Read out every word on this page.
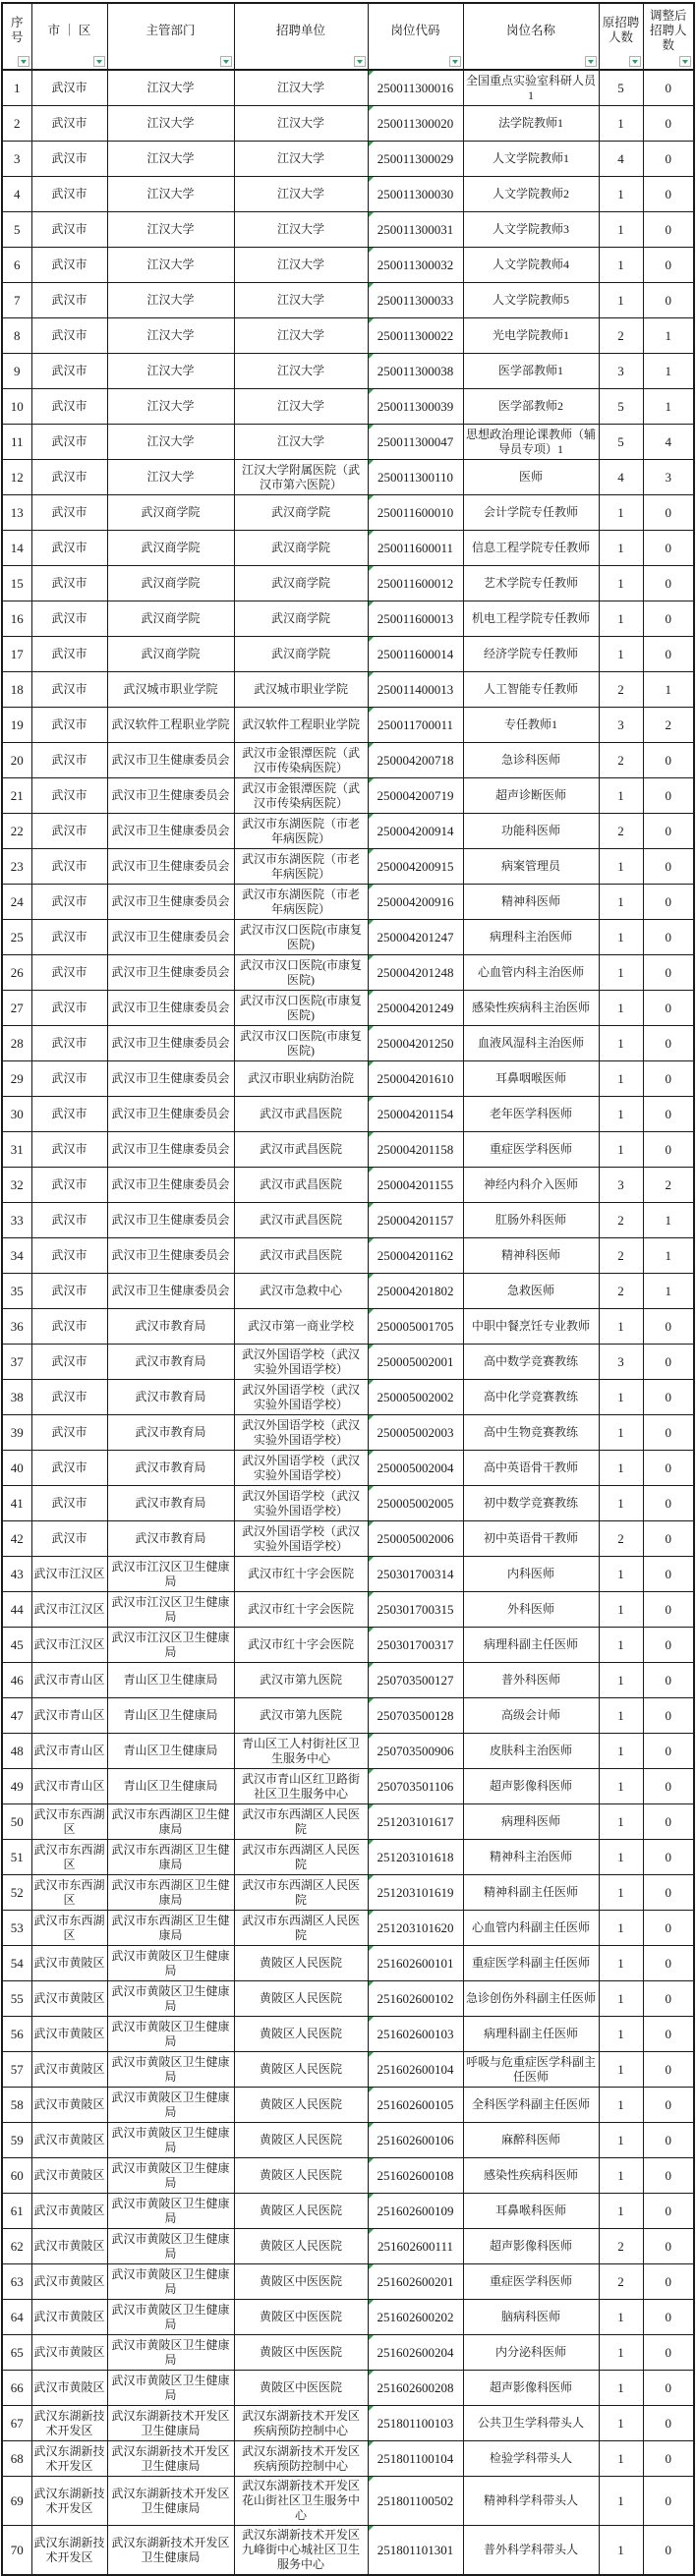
序号	市 ｜ 区	主管部门	招聘单位	岗位代码	岗位名称	原招聘人数	调整后招聘人数

1	武汉市	江汉大学	江汉大学	250011300016	全国重点实验室科研人员1	5	0
2	武汉市	江汉大学	江汉大学	250011300020	法学院教师1	1	0
3	武汉市	江汉大学	江汉大学	250011300029	人文学院教师1	4	0
4	武汉市	江汉大学	江汉大学	250011300030	人文学院教师2	1	0
5	武汉市	江汉大学	江汉大学	250011300031	人文学院教师3	1	0
6	武汉市	江汉大学	江汉大学	250011300032	人文学院教师4	1	0
7	武汉市	江汉大学	江汉大学	250011300033	人文学院教师5	1	0
8	武汉市	江汉大学	江汉大学	250011300022	光电学院教师1	2	1
9	武汉市	江汉大学	江汉大学	250011300038	医学部教师1	3	1
10	武汉市	江汉大学	江汉大学	250011300039	医学部教师2	5	1
11	武汉市	江汉大学	江汉大学	250011300047	思想政治理论课教师（辅导员专项）1	5	4
12	武汉市	江汉大学	江汉大学附属医院（武汉市第六医院）	250011300110	医师	4	3
13	武汉市	武汉商学院	武汉商学院	250011600010	会计学院专任教师	1	0
14	武汉市	武汉商学院	武汉商学院	250011600011	信息工程学院专任教师	1	0
15	武汉市	武汉商学院	武汉商学院	250011600012	艺术学院专任教师	1	0
16	武汉市	武汉商学院	武汉商学院	250011600013	机电工程学院专任教师	1	0
17	武汉市	武汉商学院	武汉商学院	250011600014	经济学院专任教师	1	0
18	武汉市	武汉城市职业学院	武汉城市职业学院	250011400013	人工智能专任教师	2	1
19	武汉市	武汉软件工程职业学院	武汉软件工程职业学院	250011700011	专任教师1	3	2
20	武汉市	武汉市卫生健康委员会	武汉市金银潭医院（武汉市传染病医院）	250004200718	急诊科医师	2	0
21	武汉市	武汉市卫生健康委员会	武汉市金银潭医院（武汉市传染病医院）	250004200719	超声诊断医师	1	0
22	武汉市	武汉市卫生健康委员会	武汉市东湖医院（市老年病医院）	250004200914	功能科医师	2	0
23	武汉市	武汉市卫生健康委员会	武汉市东湖医院（市老年病医院）	250004200915	病案管理员	1	0
24	武汉市	武汉市卫生健康委员会	武汉市东湖医院（市老年病医院）	250004200916	精神科医师	1	0
25	武汉市	武汉市卫生健康委员会	武汉市汉口医院(市康复医院)	250004201247	病理科主治医师	1	0
26	武汉市	武汉市卫生健康委员会	武汉市汉口医院(市康复医院)	250004201248	心血管内科主治医师	1	0
27	武汉市	武汉市卫生健康委员会	武汉市汉口医院(市康复医院)	250004201249	感染性疾病科主治医师	1	0
28	武汉市	武汉市卫生健康委员会	武汉市汉口医院(市康复医院)	250004201250	血液风湿科主治医师	1	0
29	武汉市	武汉市卫生健康委员会	武汉市职业病防治院	250004201610	耳鼻咽喉医师	1	0
30	武汉市	武汉市卫生健康委员会	武汉市武昌医院	250004201154	老年医学科医师	1	0
31	武汉市	武汉市卫生健康委员会	武汉市武昌医院	250004201158	重症医学科医师	1	0
32	武汉市	武汉市卫生健康委员会	武汉市武昌医院	250004201155	神经内科介入医师	3	2
33	武汉市	武汉市卫生健康委员会	武汉市武昌医院	250004201157	肛肠外科医师	2	1
34	武汉市	武汉市卫生健康委员会	武汉市武昌医院	250004201162	精神科医师	2	1
35	武汉市	武汉市卫生健康委员会	武汉市急救中心	250004201802	急救医师	2	1
36	武汉市	武汉市教育局	武汉市第一商业学校	250005001705	中职中餐烹饪专业教师	1	0
37	武汉市	武汉市教育局	武汉外国语学校（武汉实验外国语学校）	250005002001	高中数学竞赛教练	3	0
38	武汉市	武汉市教育局	武汉外国语学校（武汉实验外国语学校）	250005002002	高中化学竞赛教练	1	0
39	武汉市	武汉市教育局	武汉外国语学校（武汉实验外国语学校）	250005002003	高中生物竞赛教练	1	0
40	武汉市	武汉市教育局	武汉外国语学校（武汉实验外国语学校）	250005002004	高中英语骨干教师	1	0
41	武汉市	武汉市教育局	武汉外国语学校（武汉实验外国语学校）	250005002005	初中数学竞赛教练	1	0
42	武汉市	武汉市教育局	武汉外国语学校（武汉实验外国语学校）	250005002006	初中英语骨干教师	2	0
43	武汉市江汉区	武汉市江汉区卫生健康局	武汉市红十字会医院	250301700314	内科医师	1	0
44	武汉市江汉区	武汉市江汉区卫生健康局	武汉市红十字会医院	250301700315	外科医师	1	0
45	武汉市江汉区	武汉市江汉区卫生健康局	武汉市红十字会医院	250301700317	病理科副主任医师	1	0
46	武汉市青山区	青山区卫生健康局	武汉市第九医院	250703500127	普外科医师	1	0
47	武汉市青山区	青山区卫生健康局	武汉市第九医院	250703500128	高级会计师	1	0
48	武汉市青山区	青山区卫生健康局	青山区工人村街社区卫生服务中心	250703500906	皮肤科主治医师	1	0
49	武汉市青山区	青山区卫生健康局	武汉市青山区红卫路街社区卫生服务中心	250703501106	超声影像科医师	1	0
50	武汉市东西湖区	武汉市东西湖区卫生健康局	武汉市东西湖区人民医院	251203101617	病理科医师	1	0
51	武汉市东西湖区	武汉市东西湖区卫生健康局	武汉市东西湖区人民医院	251203101618	精神科主治医师	1	0
52	武汉市东西湖区	武汉市东西湖区卫生健康局	武汉市东西湖区人民医院	251203101619	精神科副主任医师	1	0
53	武汉市东西湖区	武汉市东西湖区卫生健康局	武汉市东西湖区人民医院	251203101620	心血管内科副主任医师	1	0
54	武汉市黄陂区	武汉市黄陂区卫生健康局	黄陂区人民医院	251602600101	重症医学科副主任医师	1	0
55	武汉市黄陂区	武汉市黄陂区卫生健康局	黄陂区人民医院	251602600102	急诊创伤外科副主任医师	1	0
56	武汉市黄陂区	武汉市黄陂区卫生健康局	黄陂区人民医院	251602600103	病理科副主任医师	1	0
57	武汉市黄陂区	武汉市黄陂区卫生健康局	黄陂区人民医院	251602600104	呼吸与危重症医学科副主任医师	1	0
58	武汉市黄陂区	武汉市黄陂区卫生健康局	黄陂区人民医院	251602600105	全科医学科副主任医师	1	0
59	武汉市黄陂区	武汉市黄陂区卫生健康局	黄陂区人民医院	251602600106	麻醉科医师	1	0
60	武汉市黄陂区	武汉市黄陂区卫生健康局	黄陂区人民医院	251602600108	感染性疾病科医师	1	0
61	武汉市黄陂区	武汉市黄陂区卫生健康局	黄陂区人民医院	251602600109	耳鼻喉科医师	1	0
62	武汉市黄陂区	武汉市黄陂区卫生健康局	黄陂区人民医院	251602600111	超声影像科医师	2	0
63	武汉市黄陂区	武汉市黄陂区卫生健康局	黄陂区中医医院	251602600201	重症医学科医师	2	0
64	武汉市黄陂区	武汉市黄陂区卫生健康局	黄陂区中医医院	251602600202	脑病科医师	1	0
65	武汉市黄陂区	武汉市黄陂区卫生健康局	黄陂区中医医院	251602600204	内分泌科医师	1	0
66	武汉市黄陂区	武汉市黄陂区卫生健康局	黄陂区中医医院	251602600208	超声影像科医师	1	0
67	武汉东湖新技术开发区	武汉东湖新技术开发区卫生健康局	武汉东湖新技术开发区疾病预防控制中心	251801100103	公共卫生学科带头人	1	0
68	武汉东湖新技术开发区	武汉东湖新技术开发区卫生健康局	武汉东湖新技术开发区疾病预防控制中心	251801100104	检验学科带头人	1	0
69	武汉东湖新技术开发区	武汉东湖新技术开发区卫生健康局	武汉东湖新技术开发区花山街社区卫生服务中心	251801100502	精神科学科带头人	1	0
70	武汉东湖新技术开发区	武汉东湖新技术开发区卫生健康局	武汉东湖新技术开发区九峰街中心城社区卫生服务中心	251801101301	普外科学科带头人	1	0
